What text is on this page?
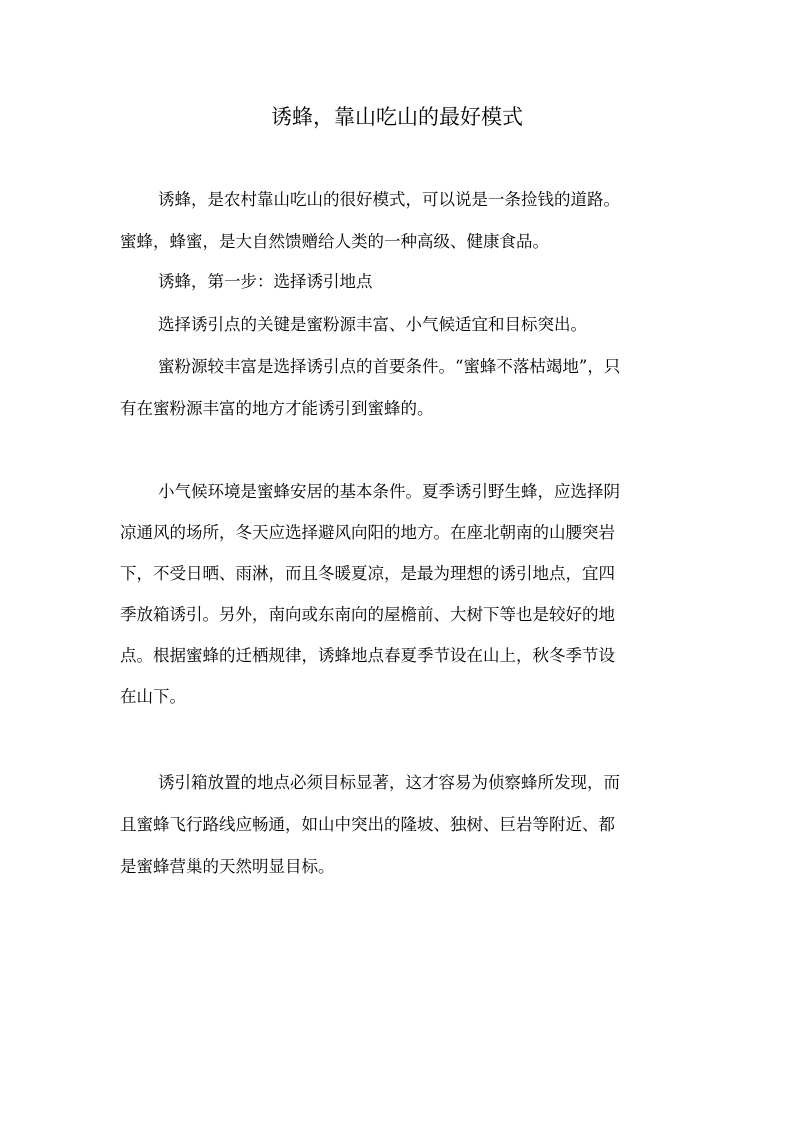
诱蜂，靠山吃山的最好模式
诱蜂，是农村靠山吃山的很好模式，可以说是一条捡钱的道路。
蜜蜂，蜂蜜，是大自然馈赠给人类的一种高级、健康食品。
诱蜂，第一步：选择诱引地点
选择诱引点的关键是蜜粉源丰富、小气候适宜和目标突出。
蜜粉源较丰富是选择诱引点的首要条件。“蜜蜂不落枯竭地”，只
有在蜜粉源丰富的地方才能诱引到蜜蜂的。
小气候环境是蜜蜂安居的基本条件。夏季诱引野生蜂，应选择阴
凉通风的场所，冬天应选择避风向阳的地方。在座北朝南的山腰突岩
下，不受日晒、雨淋，而且冬暖夏凉，是最为理想的诱引地点，宜四
季放箱诱引。另外，南向或东南向的屋檐前、大树下等也是较好的地
点。根据蜜蜂的迁栖规律，诱蜂地点春夏季节设在山上，秋冬季节设
在山下。
诱引箱放置的地点必须目标显著，这才容易为侦察蜂所发现，而
且蜜蜂飞行路线应畅通，如山中突出的隆坡、独树、巨岩等附近、都
是蜜蜂营巢的天然明显目标。
